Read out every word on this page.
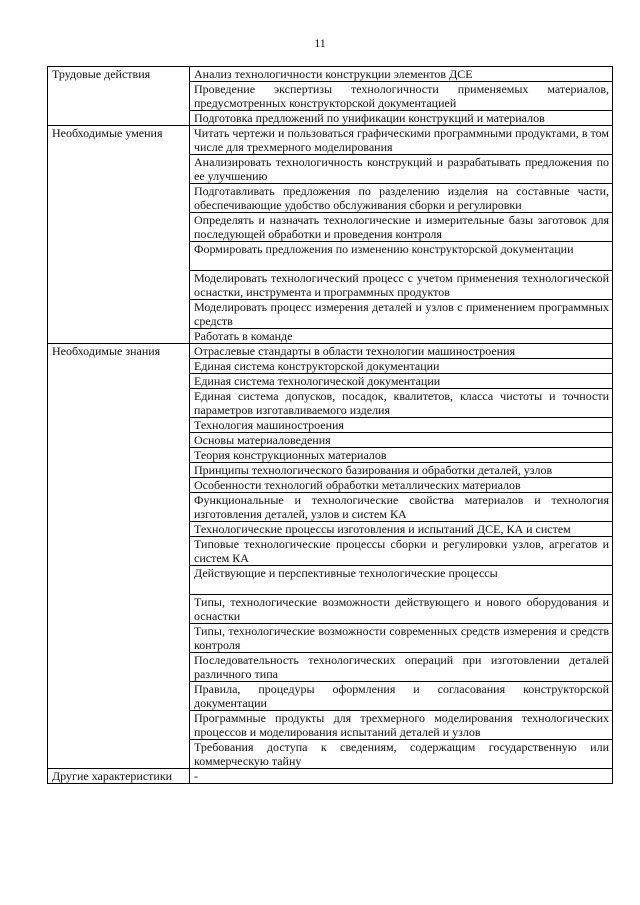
11
Трудовые действия	Анализ технологичности конструкции элементов ДСЕ
	Проведение экспертизы технологичности применяемых материалов, предусмотренных конструкторской документацией
	Подготовка предложений по унификации конструкций и материалов
Необходимые умения	Читать чертежи и пользоваться графическими программными продуктами, в том числе для трехмерного моделирования
	Анализировать технологичность конструкций и разрабатывать предложения по ее улучшению
	Подготавливать предложения по разделению изделия на составные части, обеспечивающие удобство обслуживания сборки и регулировки
	Определять и назначать технологические и измерительные базы заготовок для последующей обработки и проведения контроля
	Формировать предложения по изменению конструкторской документации
	Моделировать технологический процесс с учетом применения технологической оснастки, инструмента и программных продуктов
	Моделировать процесс измерения деталей и узлов с применением программных средств
	Работать в команде
Необходимые знания	Отраслевые стандарты в области технологии машиностроения
	Единая система конструкторской документации
	Единая система технологической документации
	Единая система допусков, посадок, квалитетов, класса чистоты и точности параметров изготавливаемого изделия
	Технология машиностроения
	Основы материаловедения
	Теория конструкционных материалов
	Принципы технологического базирования и обработки деталей, узлов
	Особенности технологий обработки металлических материалов
	Функциональные и технологические свойства материалов и технология изготовления деталей, узлов и систем КА
	Технологические процессы изготовления и испытаний ДСЕ, КА и систем
	Типовые технологические процессы сборки и регулировки узлов, агрегатов и систем КА
	Действующие и перспективные технологические процессы
	Типы, технологические возможности действующего и нового оборудования и оснастки
	Типы, технологические возможности современных средств измерения и средств контроля
	Последовательность технологических операций при изготовлении деталей различного типа
	Правила, процедуры оформления и согласования конструкторской документации
	Программные продукты для трехмерного моделирования технологических процессов и моделирования испытаний деталей и узлов
	Требования доступа к сведениям, содержащим государственную или коммерческую тайну
Другие характеристики	-
